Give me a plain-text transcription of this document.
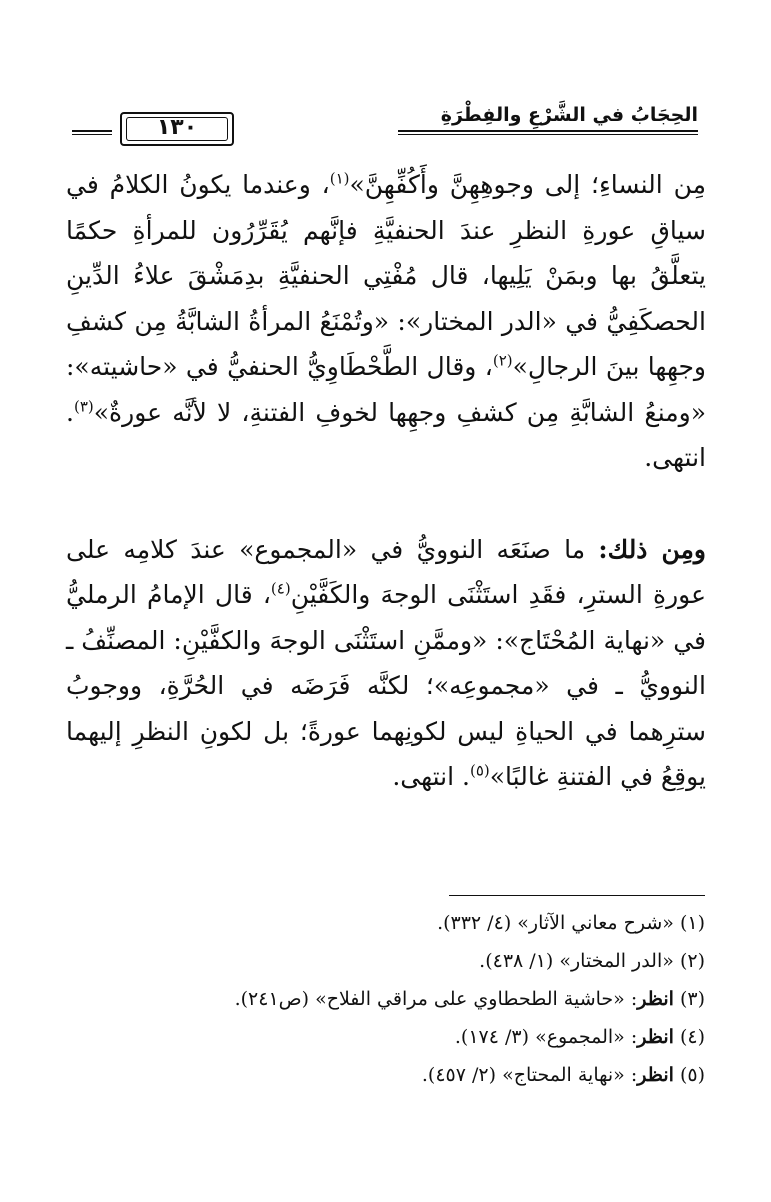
الحِجَابُ في الشَّرْعِ والفِطْرَةِ
١٣٠

مِن النساءِ؛ إلى وجوهِهِنَّ وأَكُفِّهِنَّ»$^{(١)}$، وعندما يكونُ الكلامُ في سياقِ عورةِ النظرِ عندَ الحنفيَّةِ فإنَّهم يُقَرِّرُون للمرأةِ حكمًا يتعلَّقُ بها وبمَنْ يَلِيها، قال مُفْتِي الحنفيَّةِ بدِمَشْقَ علاءُ الدِّينِ الحصكَفِيُّ في «الدر المختار»: «وتُمْنَعُ المرأةُ الشابَّةُ مِن كشفِ وجهِها بينَ الرجالِ»$^{(٢)}$، وقال الطَّحْطَاوِيُّ الحنفيُّ في «حاشيته»: «ومنعُ الشابَّةِ مِن كشفِ وجهِها لخوفِ الفتنةِ، لا لأنَّه عورةٌ»$^{(٣)}$. انتهى.

ومِن ذلك: ما صنَعَه النوويُّ في «المجموع» عندَ كلامِه على عورةِ السترِ، فقَدِ استَثْنَى الوجهَ والكَفَّيْنِ$^{(٤)}$، قال الإمامُ الرمليُّ في «نهاية المُحْتَاج»: «وممَّنِ استَثْنَى الوجهَ والكفَّيْنِ: المصنِّفُ ـ النوويُّ ـ في «مجموعِه»؛ لكنَّه فَرَضَه في الحُرَّةِ، ووجوبُ سترِهما في الحياةِ ليس لكونِهما عورةً؛ بل لكونِ النظرِ إليهما يوقِعُ في الفتنةِ غالبًا»$^{(٥)}$. انتهى.

(١) «شرح معاني الآثار» (٤/ ٣٣٢).
(٢) «الدر المختار» (١/ ٤٣٨).
(٣) انظر: «حاشية الطحطاوي على مراقي الفلاح» (ص٢٤١).
(٤) انظر: «المجموع» (٣/ ١٧٤).
(٥) انظر: «نهاية المحتاج» (٢/ ٤٥٧).
